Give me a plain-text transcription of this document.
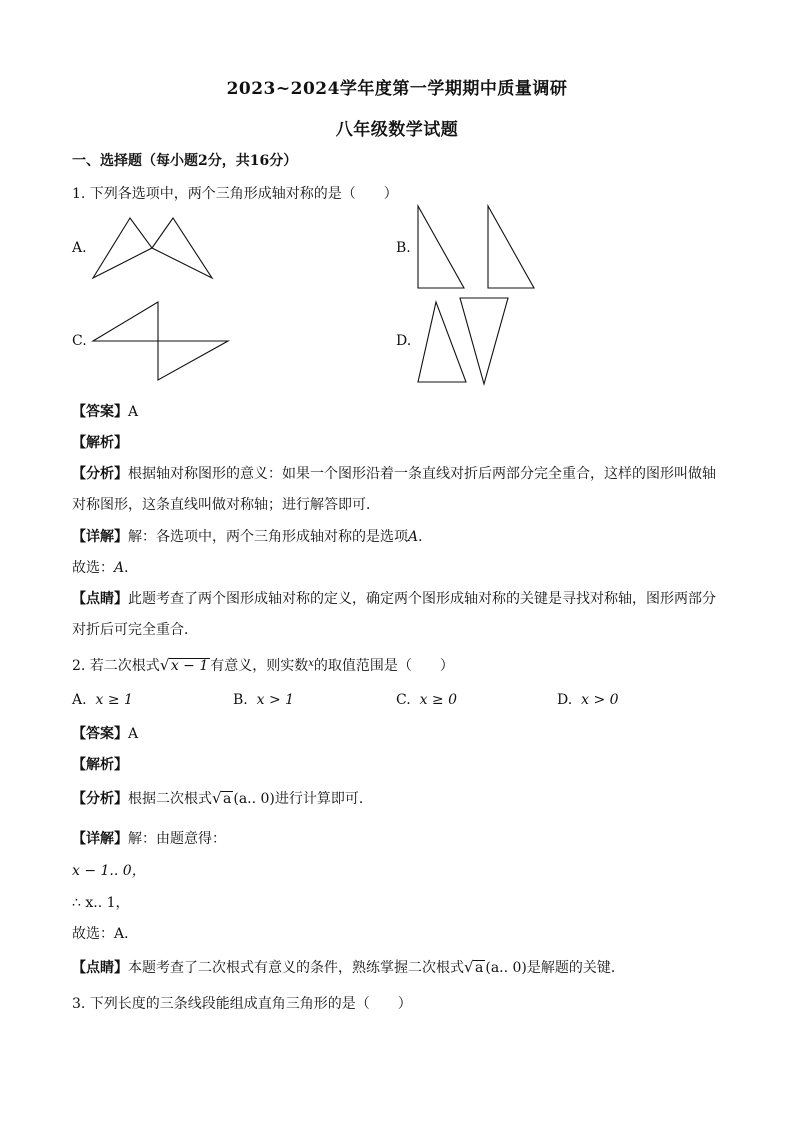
2023~2024学年度第一学期期中质量调研
八年级数学试题
一、选择题（每小题2分，共16分）
1. 下列各选项中，两个三角形成轴对称的是（　　）
A.	B.
C.	D.
【答案】A
【解析】
【分析】根据轴对称图形的意义：如果一个图形沿着一条直线对折后两部分完全重合，这样的图形叫做轴
对称图形，这条直线叫做对称轴；进行解答即可．
【详解】解：各选项中，两个三角形成轴对称的是选项A．
故选：A．
【点睛】此题考查了两个图形成轴对称的定义，确定两个图形成轴对称的关键是寻找对称轴，图形两部分
对折后可完全重合．
2. 若二次根式 √ x − 1 有意义，则实数$^x$的取值范围是（　　）
A. x ≥ 1	B. x > 1	C. x ≥ 0	D. x > 0
【答案】A
【解析】
【分析】根据二次根式 √ a (a.. 0)进行计算即可．
【详解】解：由题意得：
x − 1.. 0，
∴ x.. 1，
故选：A．
【点睛】本题考查了二次根式有意义的条件，熟练掌握二次根式 √ a (a.. 0)是解题的关键．
3. 下列长度的三条线段能组成直角三角形的是（　　）
